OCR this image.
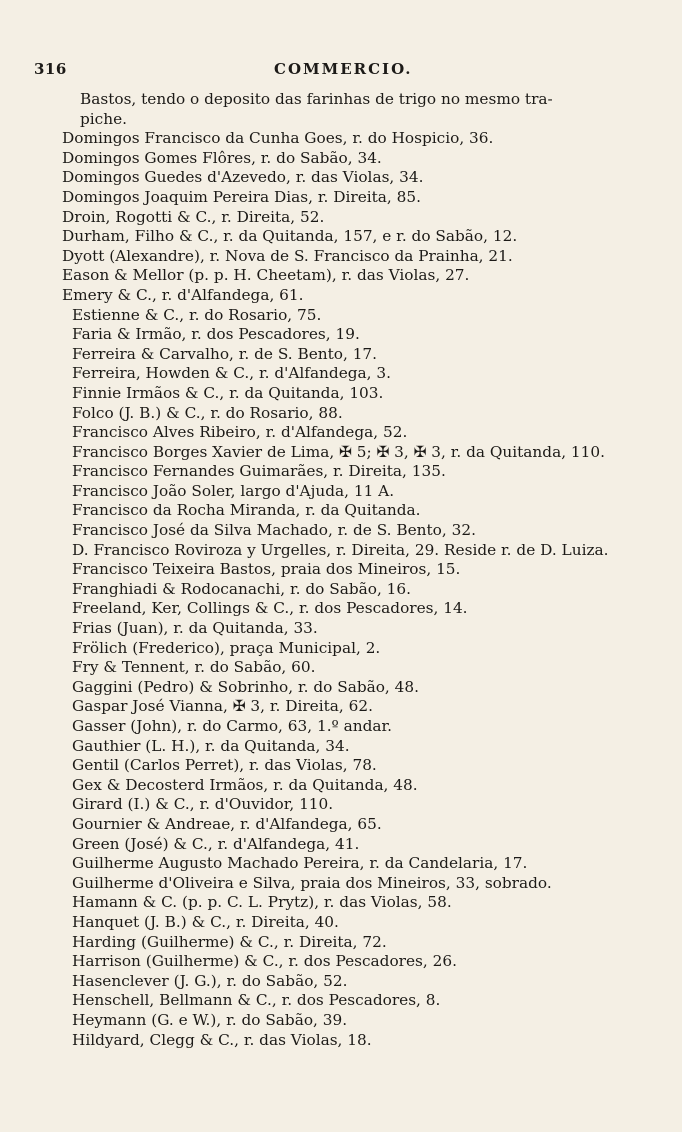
316	COMMERCIO.
Bastos, tendo o deposito das farinhas de trigo no mesmo tra-
piche.
Domingos Francisco da Cunha Goes, r. do Hospicio, 36.
Domingos Gomes Flôres, r. do Sabão, 34.
Domingos Guedes d'Azevedo, r. das Violas, 34.
Domingos Joaquim Pereira Dias, r. Direita, 85.
Droin, Rogotti & C., r. Direita, 52.
Durham, Filho & C., r. da Quitanda, 157, e r. do Sabão, 12.
Dyott (Alexandre), r. Nova de S. Francisco da Prainha, 21.
Eason & Mellor (p. p. H. Cheetam), r. das Violas, 27.
Emery & C., r. d'Alfandega, 61.
Estienne & C., r. do Rosario, 75.
Faria & Irmão, r. dos Pescadores, 19.
Ferreira & Carvalho, r. de S. Bento, 17.
Ferreira, Howden & C., r. d'Alfandega, 3.
Finnie Irmãos & C., r. da Quitanda, 103.
Folco (J. B.) & C., r. do Rosario, 88.
Francisco Alves Ribeiro, r. d'Alfandega, 52.
Francisco Borges Xavier de Lima, ✠ 5; ✠ 3, ✠ 3, r. da Quitanda, 110.
Francisco Fernandes Guimarães, r. Direita, 135.
Francisco João Soler, largo d'Ajuda, 11 A.
Francisco da Rocha Miranda, r. da Quitanda.
Francisco José da Silva Machado, r. de S. Bento, 32.
D. Francisco Roviroza y Urgelles, r. Direita, 29. Reside r. de D. Luiza.
Francisco Teixeira Bastos, praia dos Mineiros, 15.
Franghiadi & Rodocanachi, r. do Sabão, 16.
Freeland, Ker, Collings & C., r. dos Pescadores, 14.
Frias (Juan), r. da Quitanda, 33.
Frölich (Frederico), praça Municipal, 2.
Fry & Tennent, r. do Sabão, 60.
Gaggini (Pedro) & Sobrinho, r. do Sabão, 48.
Gaspar José Vianna, ✠ 3, r. Direita, 62.
Gasser (John), r. do Carmo, 63, 1.º andar.
Gauthier (L. H.), r. da Quitanda, 34.
Gentil (Carlos Perret), r. das Violas, 78.
Gex & Decosterd Irmãos, r. da Quitanda, 48.
Girard (I.) & C., r. d'Ouvidor, 110.
Gournier & Andreae, r. d'Alfandega, 65.
Green (José) & C., r. d'Alfandega, 41.
Guilherme Augusto Machado Pereira, r. da Candelaria, 17.
Guilherme d'Oliveira e Silva, praia dos Mineiros, 33, sobrado.
Hamann & C. (p. p. C. L. Prytz), r. das Violas, 58.
Hanquet (J. B.) & C., r. Direita, 40.
Harding (Guilherme) & C., r. Direita, 72.
Harrison (Guilherme) & C., r. dos Pescadores, 26.
Hasenclever (J. G.), r. do Sabão, 52.
Henschell, Bellmann & C., r. dos Pescadores, 8.
Heymann (G. e W.), r. do Sabão, 39.
Hildyard, Clegg & C., r. das Violas, 18.
